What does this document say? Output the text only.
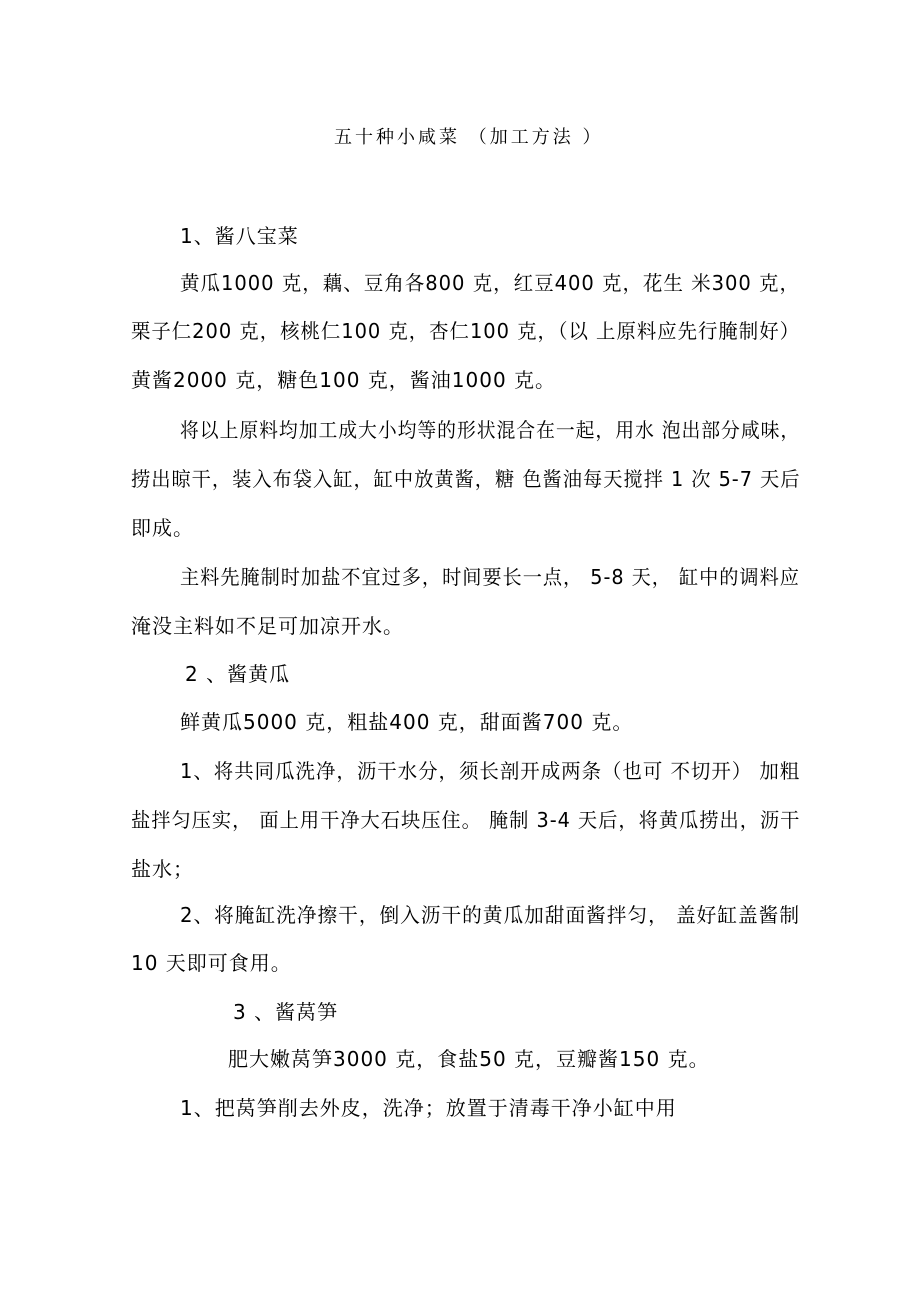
五十种小咸菜 （加工方法 ）
1、酱八宝菜
黄瓜1000 克，藕、豆角各800 克，红豆400 克，花生 米300 克，
栗子仁200 克，核桃仁100 克，杏仁100 克，（以 上原料应先行腌制好）
黄酱2000 克，糖色100 克，酱油1000 克。
将以上原料均加工成大小均等的形状混合在一起，用水 泡出部分咸味，
捞出晾干，装入布袋入缸，缸中放黄酱，糖 色酱油每天搅拌 1 次 5-7 天后
即成。
主料先腌制时加盐不宜过多，时间要长一点， 5-8 天， 缸中的调料应
淹没主料如不足可加凉开水。
2 、酱黄瓜
鲜黄瓜5000 克，粗盐400 克，甜面酱700 克。
1、将共同瓜洗净，沥干水分，须长剖开成两条（也可 不切开） 加粗
盐拌匀压实， 面上用干净大石块压住。 腌制 3-4 天后，将黄瓜捞出，沥干
盐水；
2、将腌缸洗净擦干，倒入沥干的黄瓜加甜面酱拌匀， 盖好缸盖酱制
10 天即可食用。
3 、酱莴笋
肥大嫩莴笋3000 克，食盐50 克，豆瓣酱150 克。
1、把莴笋削去外皮，洗净；放置于清毒干净小缸中用
